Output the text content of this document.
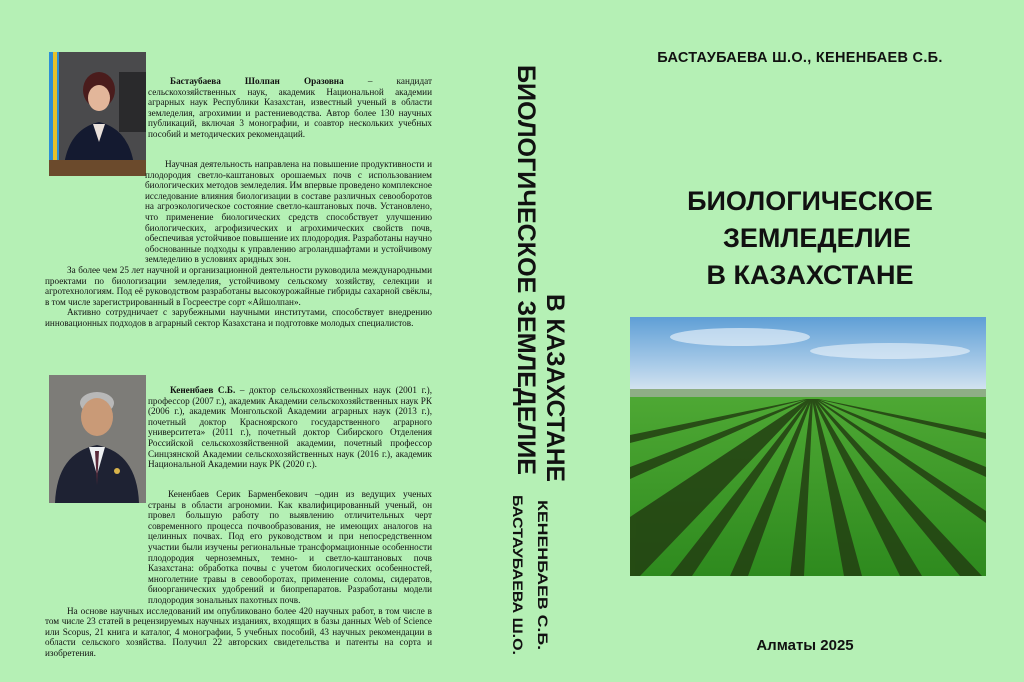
Бастаубаева Шолпан Оразовна – кандидат сельскохозяйственных наук, академик Национальной академии аграрных наук Республики Казахстан, известный ученый в области земледелия, агрохимии и растениеводства. Автор более 130 научных публикаций, включая 3 монографии, и соавтор нескольких учебных пособий и методических рекомендаций.

Научная деятельность направлена на повышение продуктивности и плодородия светло-каштановых орошаемых почв с использованием биологических методов земледелия. Им впервые проведено комплексное исследование влияния биологизации в составе различных севооборотов на агроэкологическое состояние светло-каштановых почв. Установлено, что применение биологических средств способствует улучшению биологических, агрофизических и агрохимических свойств почв, обеспечивая устойчивое повышение их плодородия. Разработаны научно обоснованные подходы к управлению агроландшафтами и устойчивому земледелию в условиях аридных зон.

За более чем 25 лет научной и организационной деятельности руководила международными проектами по биологизации земледелия, устойчивому сельскому хозяйству, селекции и агротехнологиям. Под её руководством разработаны высокоурожайные гибриды сахарной свёклы, в том числе зарегистрированный в Госреестре сорт «Айшолпан».

Активно сотрудничает с зарубежными научными институтами, способствует внедрению инновационных подходов в аграрный сектор Казахстана и подготовке молодых специалистов.

Кененбаев С.Б. – доктор сельскохозяйственных наук (2001 г.), профессор (2007 г.), академик Академии сельскохозяйственных наук РК (2006 г.), академик Монгольской Академии аграрных наук (2013 г.), почетный доктор Красноярского государственного аграрного университета» (2011 г.), почетный доктор Сибирского Отделения Российской сельскохозяйственной академии, почетный профессор Синцзянской Академии сельскохозяйственных наук (2016 г.), академик Национальной Академии наук РК (2020 г.).

Кененбаев Серик Барменбекович –один из ведущих ученых страны в области агрономии. Как квалифицированный ученый, он провел большую работу по выявлению отличительных черт современного процесса почвообразования, не имеющих аналогов на целинных почвах. Под его руководством и при непосредственном участии были изучены региональные трансформационные особенности плодородия черноземных, темно- и светло-каштановых почв Казахстана: обработка почвы с учетом биологических особенностей, многолетние травы в севооборотах, применение соломы, сидератов, биоорганических удобрений и биопрепаратов. Разработаны модели плодородия зональных пахотных почв.

На основе научных исследований им опубликовано более 420 научных работ, в том числе в том числе 23 статей в рецензируемых научных изданиях, входящих в базы данных Web of Science или Scopus, 21 книга и каталог, 4 монографии, 5 учебных пособий, 43 научных рекомендации в области сельского хозяйства. Получил 22 авторских свидетельства и патенты на сорта и изобретения.

БИОЛОГИЧЕСКОЕ ЗЕМЛЕДЕЛИЕ В КАЗАХСТАНЕ
БАСТАУБАЕВА Ш.О. КЕНЕНБАЕВ С.Б.
БАСТАУБАЕВА Ш.О., КЕНЕНБАЕВ С.Б.
БИОЛОГИЧЕСКОЕ
ЗЕМЛЕДЕЛИЕ
В КАЗАХСТАНЕ
Алматы 2025
